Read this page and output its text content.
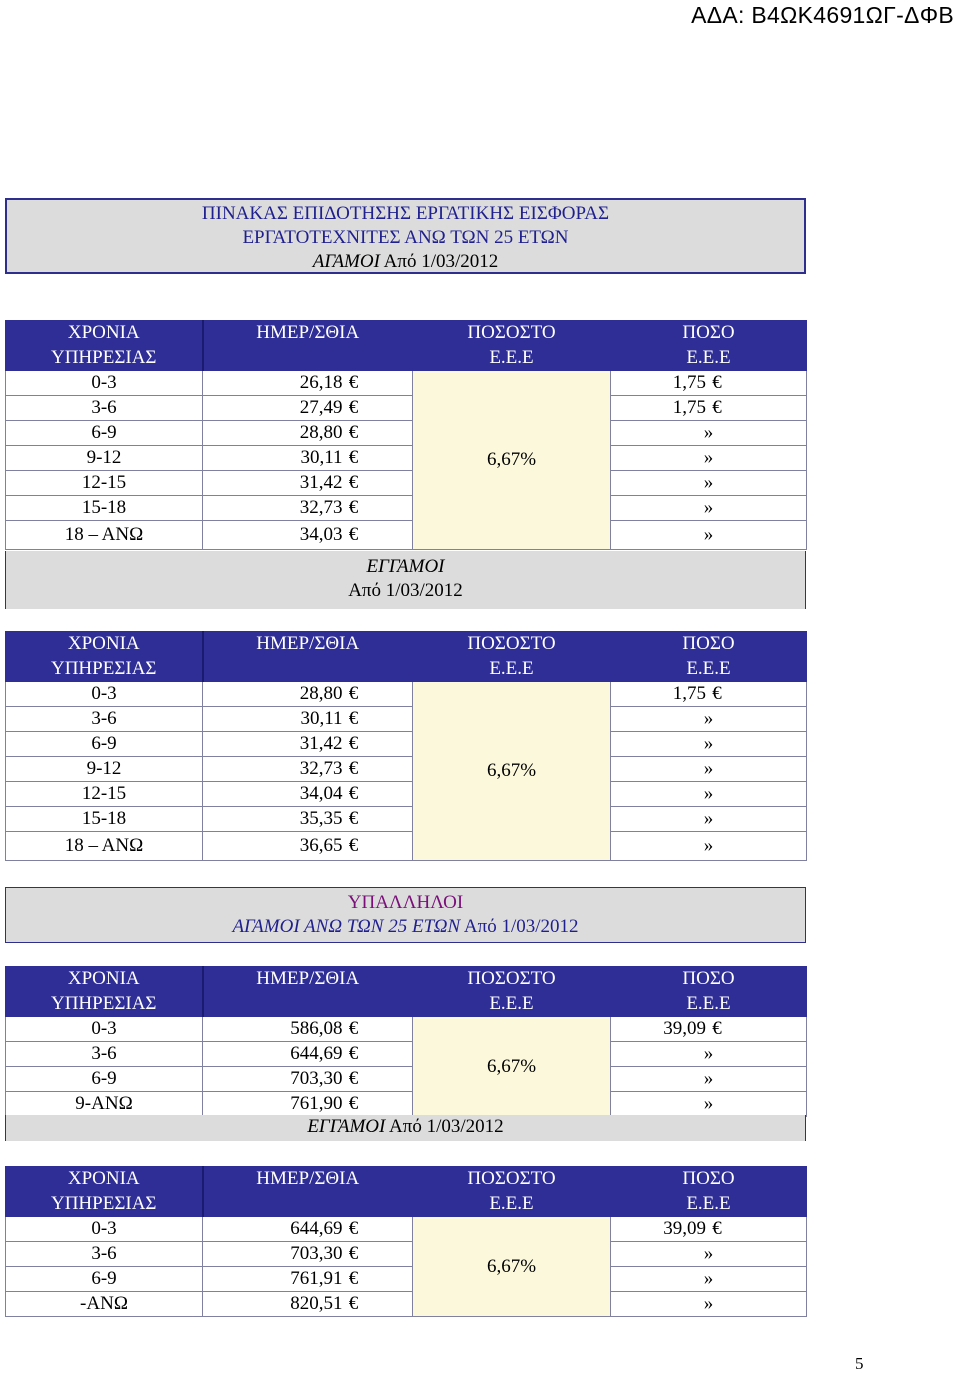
ΑΔΑ: Β4ΩΚ4691ΩΓ-ΔΦΒ
ΠΙΝΑΚΑΣ ΕΠΙΔΟΤΗΣΗΣ ΕΡΓΑΤΙΚΗΣ ΕΙΣΦΟΡΑΣ
ΕΡΓΑΤΟΤΕΧΝΙΤΕΣ ΑΝΩ ΤΩΝ 25 ΕΤΩΝ
ΑΓΑΜΟΙ Από 1/03/2012
ΧΡΟΝΙΑ	ΗΜΕΡ/ΣΘΙΑ	ΠΟΣΟΣΤΟ	ΠΟΣΟ
ΥΠΗΡΕΣΙΑΣ		Ε.Ε.Ε	Ε.Ε.Ε
0-3	26,18 €	6,67%	1,75 €
3-6	27,49 €		1,75 €
6-9	28,80 €		»
9-12	30,11 €		»
12-15	31,42 €		»
15-18	32,73 €		»
18 – ΑΝΩ	34,03 €		»
ΕΓΓΑΜΟΙ
Από 1/03/2012
ΧΡΟΝΙΑ	ΗΜΕΡ/ΣΘΙΑ	ΠΟΣΟΣΤΟ	ΠΟΣΟ
ΥΠΗΡΕΣΙΑΣ		Ε.Ε.Ε	Ε.Ε.Ε
0-3	28,80 €	6,67%	1,75 €
3-6	30,11 €		»
6-9	31,42 €		»
9-12	32,73 €		»
12-15	34,04 €		»
15-18	35,35 €		»
18 – ΑΝΩ	36,65 €		»
ΥΠΑΛΛΗΛΟΙ
ΑΓΑΜΟΙ ΑΝΩ ΤΩΝ 25 ΕΤΩΝ Από 1/03/2012
ΧΡΟΝΙΑ	ΗΜΕΡ/ΣΘΙΑ	ΠΟΣΟΣΤΟ	ΠΟΣΟ
ΥΠΗΡΕΣΙΑΣ		Ε.Ε.Ε	Ε.Ε.Ε
0-3	586,08 €	6,67%	39,09 €
3-6	644,69 €		»
6-9	703,30 €		»
9-ΑΝΩ	761,90 €		»
ΕΓΓΑΜΟΙ Από 1/03/2012
ΧΡΟΝΙΑ	ΗΜΕΡ/ΣΘΙΑ	ΠΟΣΟΣΤΟ	ΠΟΣΟ
ΥΠΗΡΕΣΙΑΣ		Ε.Ε.Ε	Ε.Ε.Ε
0-3	644,69 €	6,67%	39,09 €
3-6	703,30 €		»
6-9	761,91 €		»
-ΑΝΩ	820,51 €		»
5
